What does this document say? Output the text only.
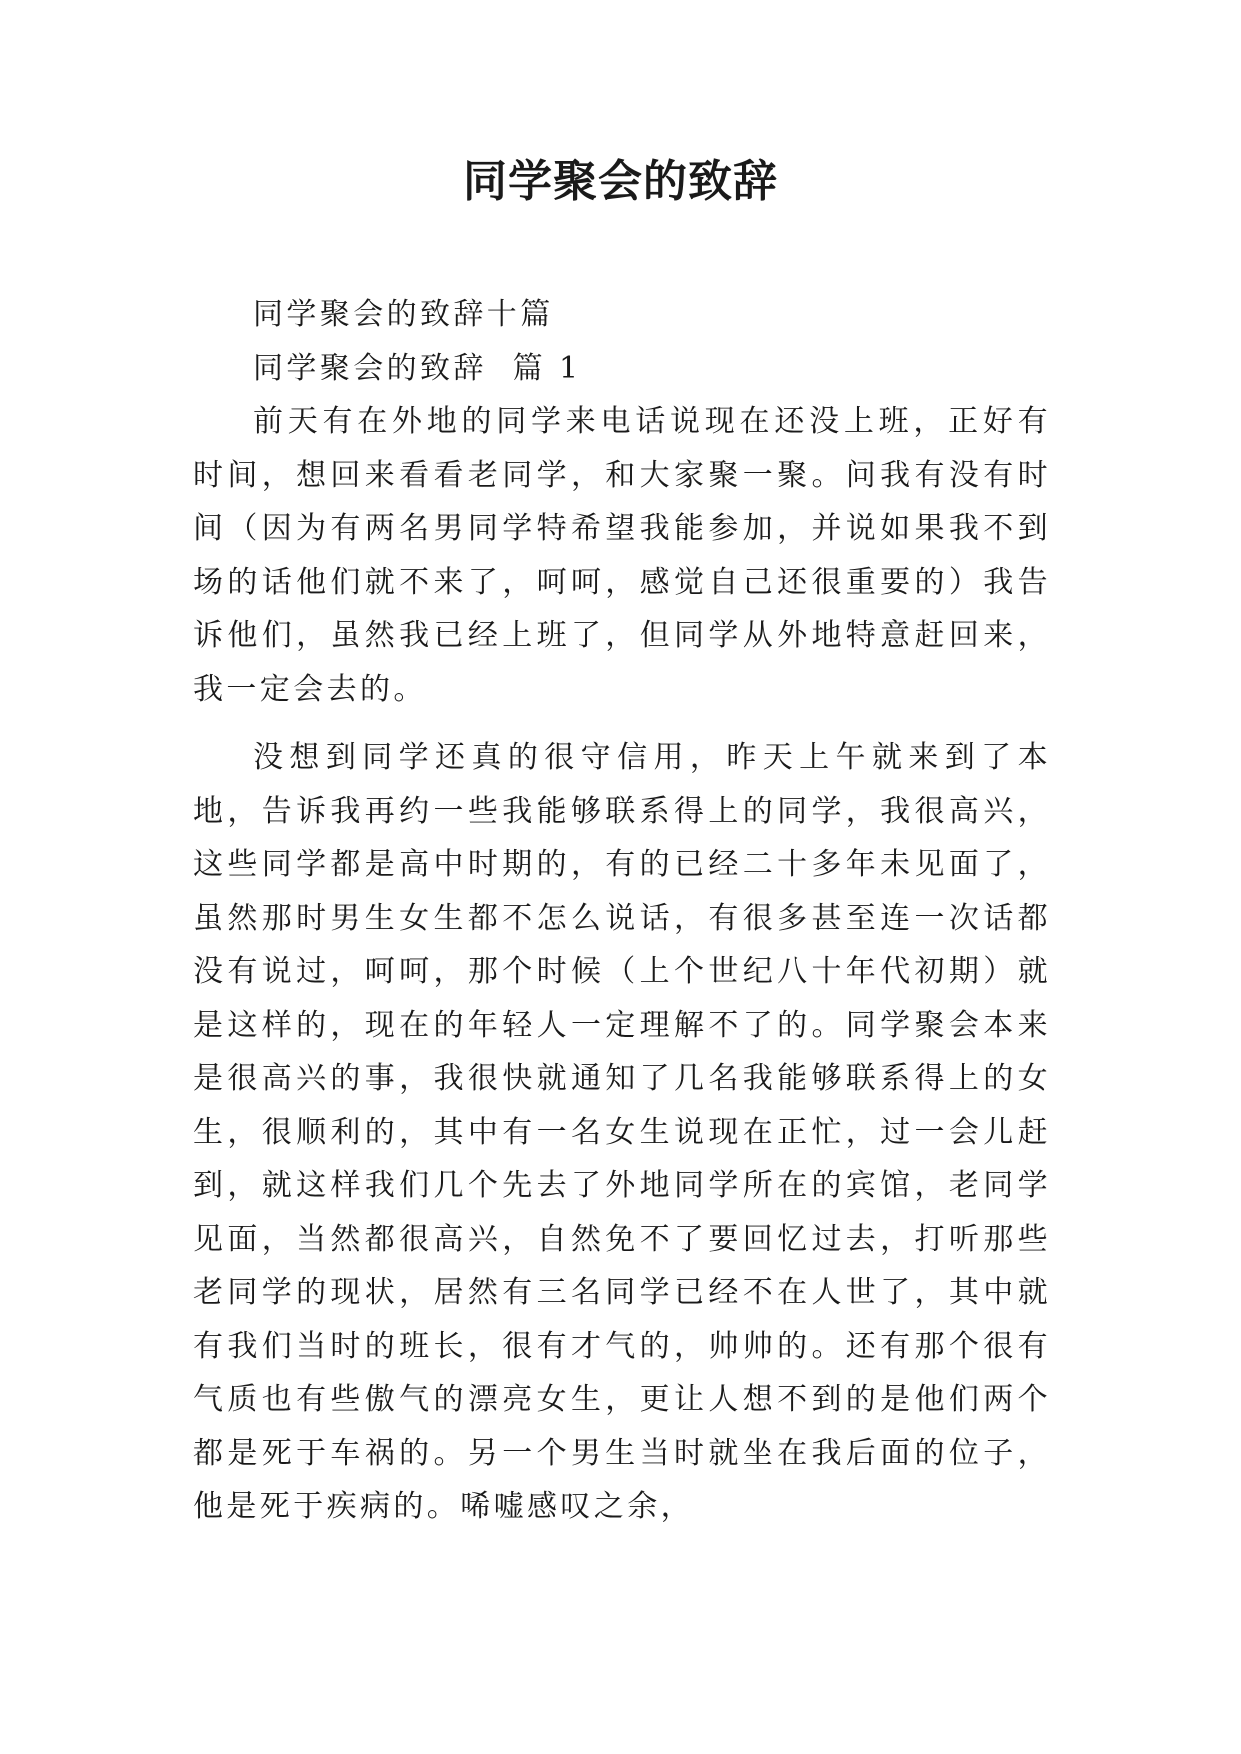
同学聚会的致辞

同学聚会的致辞十篇

同学聚会的致辞  篇 1

前天有在外地的同学来电话说现在还没上班，正好有时间，想回来看看老同学，和大家聚一聚。问我有没有时间（因为有两名男同学特希望我能参加，并说如果我不到场的话他们就不来了，呵呵，感觉自己还很重要的）我告诉他们，虽然我已经上班了，但同学从外地特意赶回来，我一定会去的。

没想到同学还真的很守信用，昨天上午就来到了本地，告诉我再约一些我能够联系得上的同学，我很高兴，这些同学都是高中时期的，有的已经二十多年未见面了，虽然那时男生女生都不怎么说话，有很多甚至连一次话都没有说过，呵呵，那个时候（上个世纪八十年代初期）就是这样的，现在的年轻人一定理解不了的。同学聚会本来是很高兴的事，我很快就通知了几名我能够联系得上的女生，很顺利的，其中有一名女生说现在正忙，过一会儿赶到，就这样我们几个先去了外地同学所在的宾馆，老同学见面，当然都很高兴，自然免不了要回忆过去，打听那些老同学的现状，居然有三名同学已经不在人世了，其中就有我们当时的班长，很有才气的，帅帅的。还有那个很有气质也有些傲气的漂亮女生，更让人想不到的是他们两个都是死于车祸的。另一个男生当时就坐在我后面的位子，他是死于疾病的。唏嘘感叹之余，
